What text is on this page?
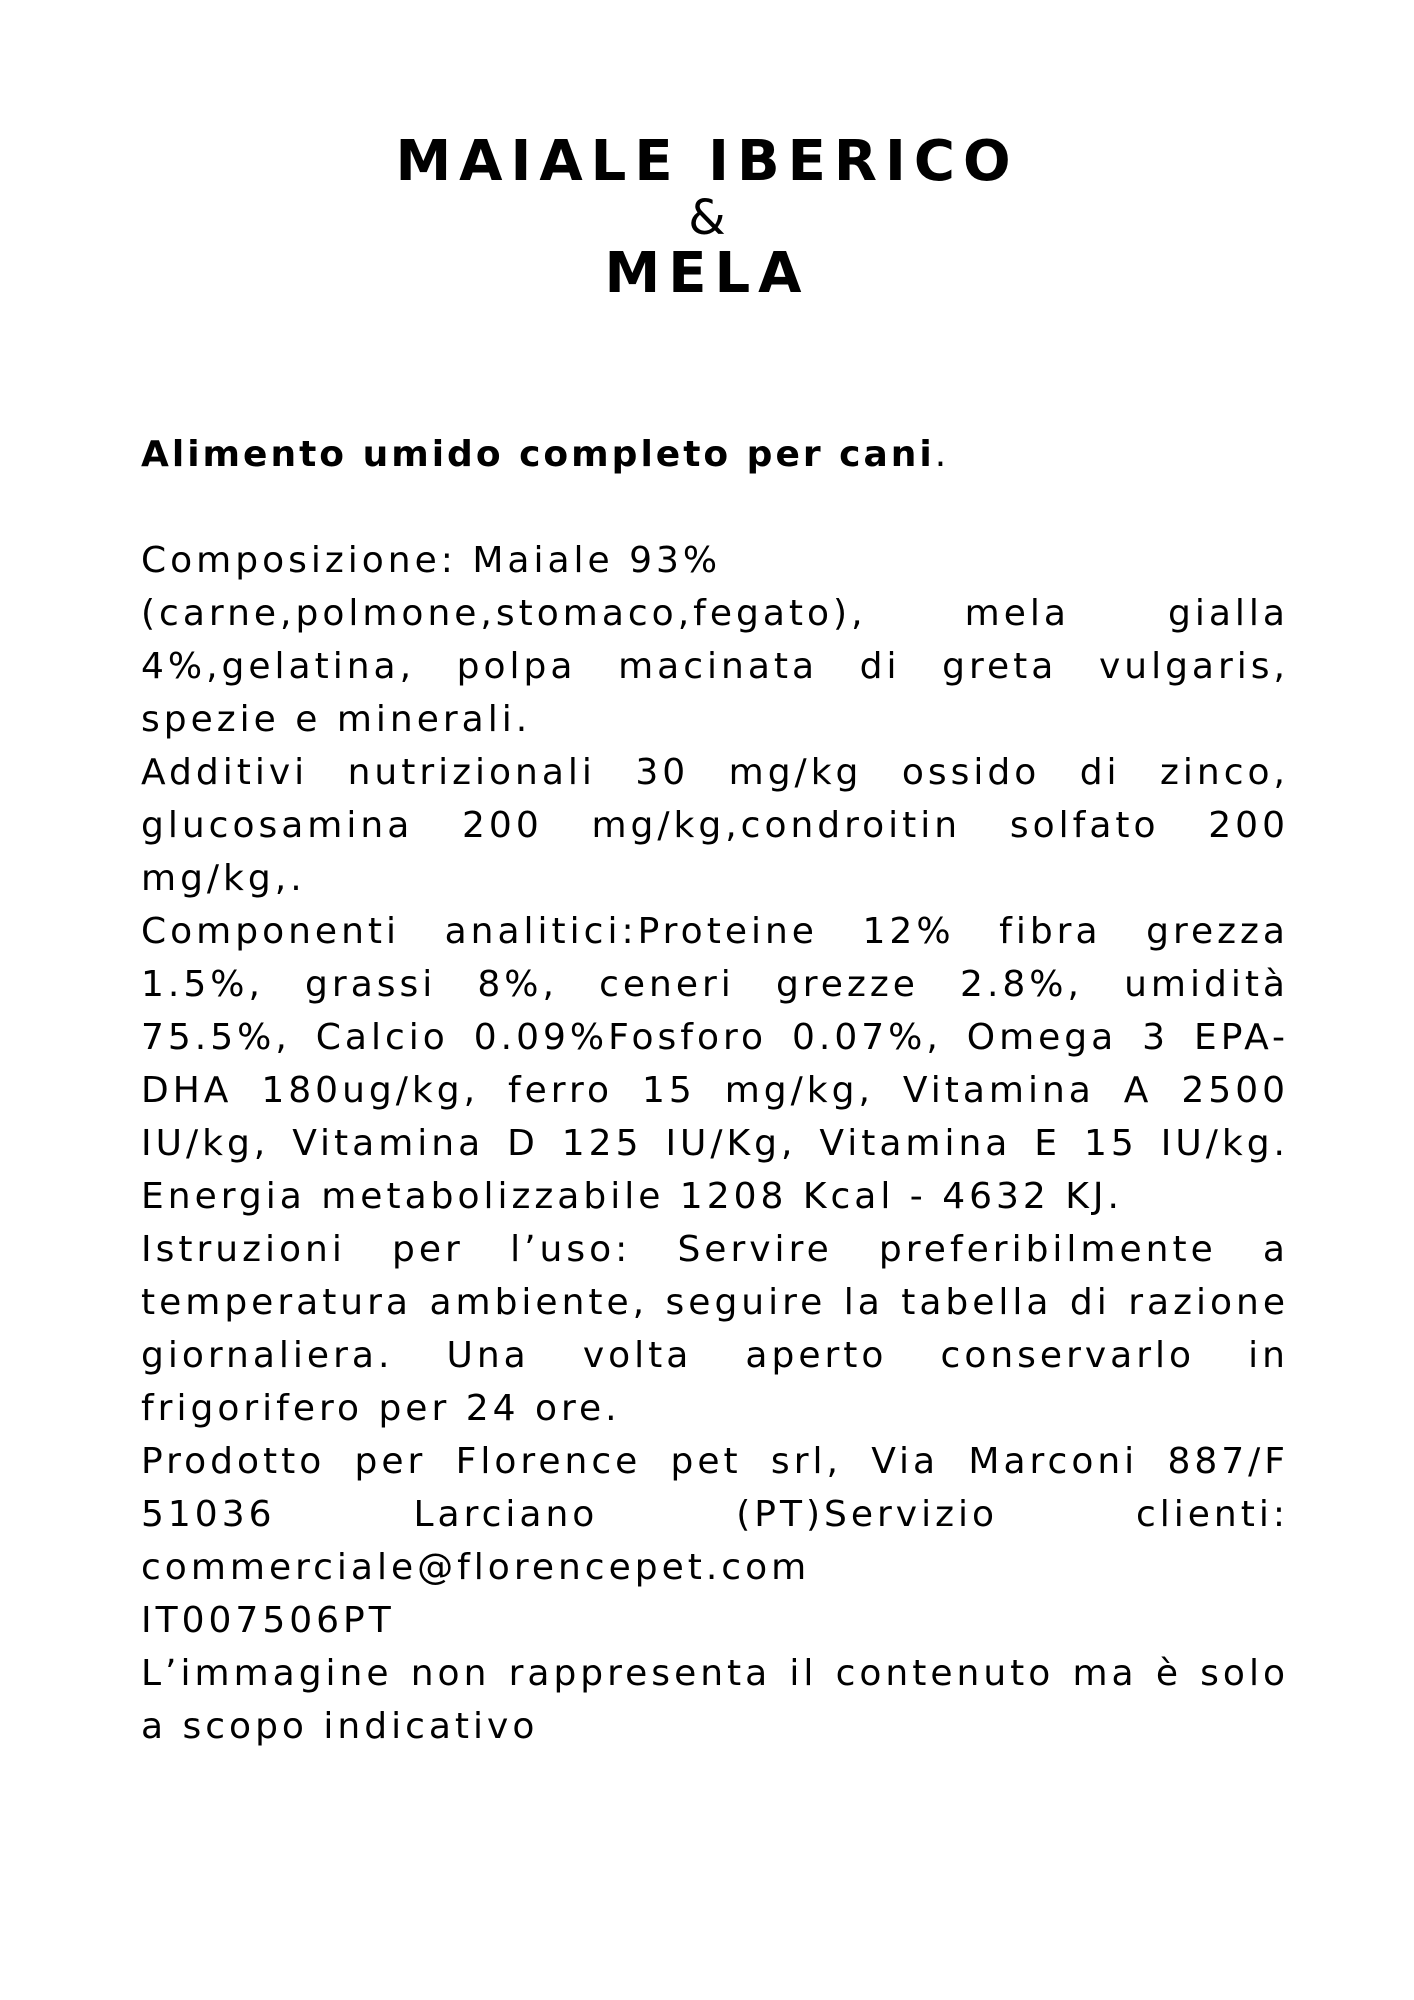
MAIALE IBERICO
&
MELA

Alimento umido completo per cani.

Composizione: Maiale 93%

(carne,polmone,stomaco,fegato), mela gialla 4%,gelatina, polpa macinata di greta vulgaris, spezie e minerali.

Additivi nutrizionali 30 mg/kg ossido di zinco, glucosamina 200 mg/kg,condroitin solfato 200 mg/kg,.

Componenti analitici:Proteine 12% fibra grezza 1.5%, grassi 8%, ceneri grezze 2.8%, umidità 75.5%, Calcio 0.09%Fosforo 0.07%, Omega 3 EPA-DHA 180ug/kg, ferro 15 mg/kg, Vitamina A 2500 IU/kg, Vitamina D 125 IU/Kg, Vitamina E 15 IU/kg. Energia metabolizzabile 1208 Kcal - 4632 KJ.

Istruzioni per l’uso: Servire preferibilmente a temperatura ambiente, seguire la tabella di razione giornaliera. Una volta aperto conservarlo in frigorifero per 24 ore.

Prodotto per Florence pet srl, Via Marconi 887/F 51036 Larciano (PT)Servizio clienti: commerciale@florencepet.com

IT007506PT

L’immagine non rappresenta il contenuto ma è solo a scopo indicativo
